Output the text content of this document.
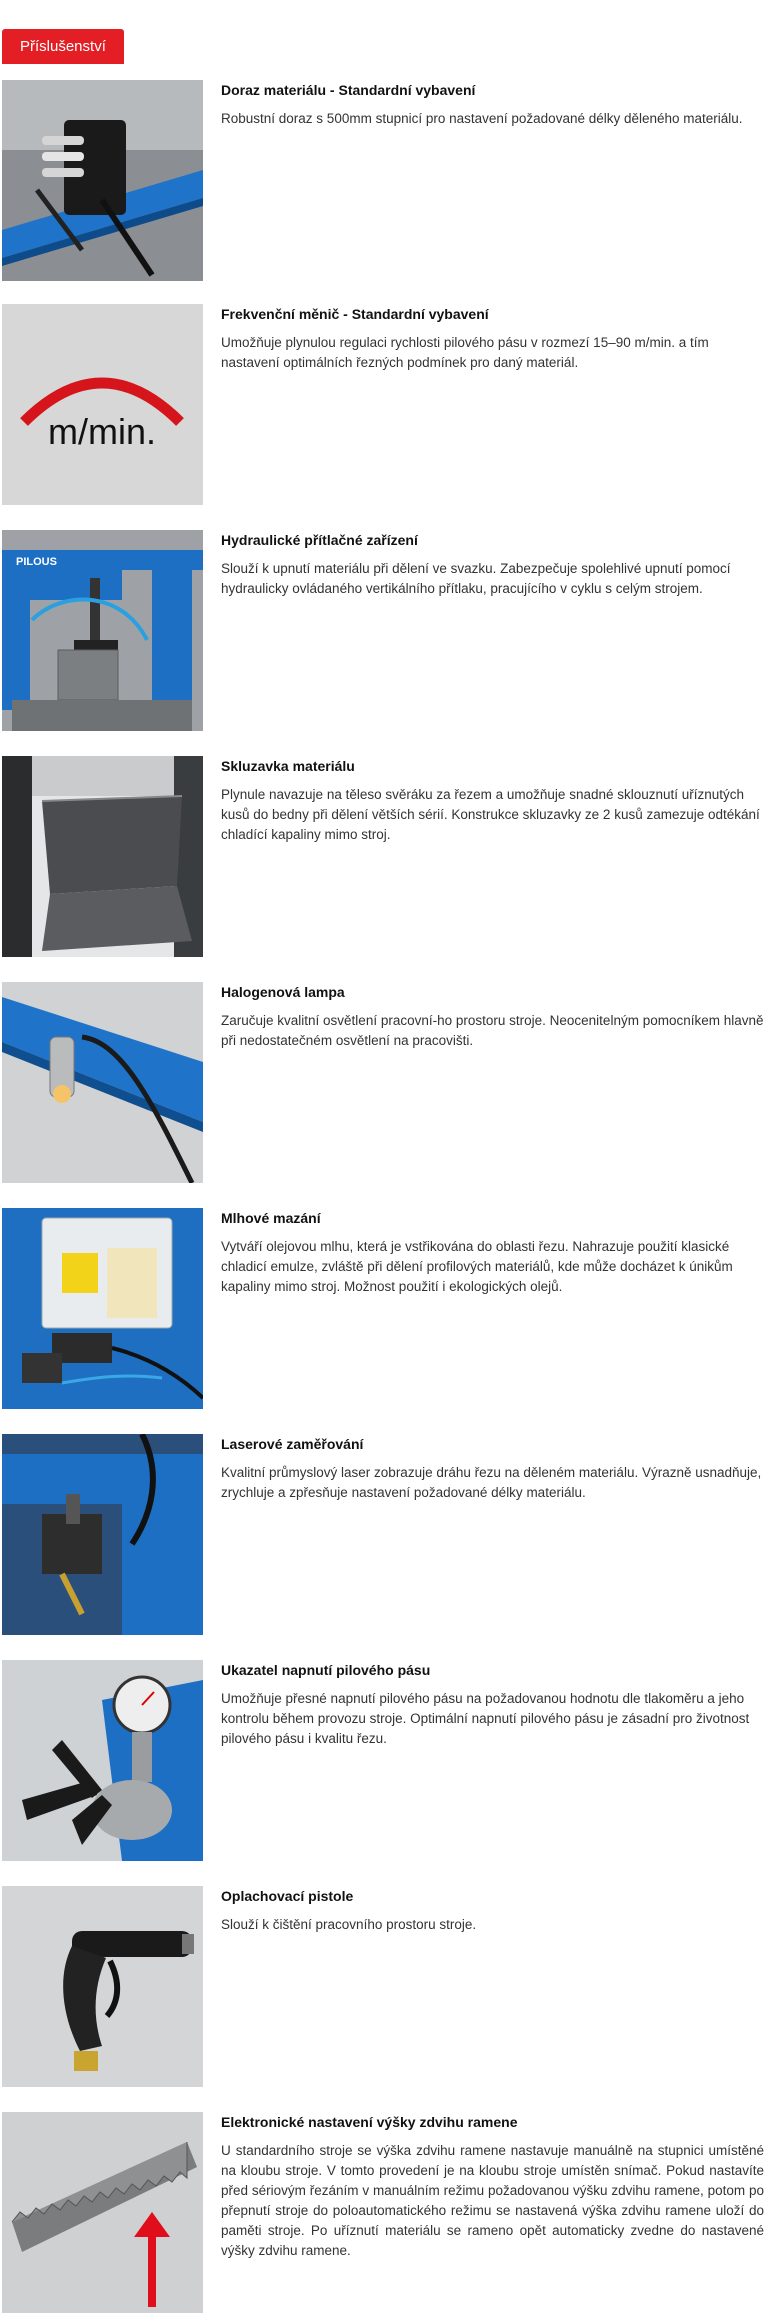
Příslušenství
Doraz materiálu - Standardní vybavení

Robustní doraz s 500mm stupnicí pro nastavení požadované délky děleného materiálu.

m/min.
Frekvenční měnič - Standardní vybavení

Umožňuje plynulou regulaci rychlosti pilového pásu v rozmezí 15–90 m/min. a tím nastavení optimálních řezných podmínek pro daný materiál.

PILOUS
Hydraulické přítlačné zařízení

Slouží k upnutí materiálu při dělení ve svazku. Zabezpečuje spolehlivé upnutí pomocí hydraulicky ovládaného vertikálního přítlaku, pracujícího v cyklu s celým strojem.

Skluzavka materiálu

Plynule navazuje na těleso svěráku za řezem a umožňuje snadné sklouznutí uříznutých kusů do bedny při dělení větších sérií. Konstrukce skluzavky ze 2 kusů zamezuje odtékání chladící kapaliny mimo stroj.

Halogenová lampa

Zaručuje kvalitní osvětlení pracovní-ho prostoru stroje. Neocenitelným pomocníkem hlavně při nedostatečném osvětlení na pracovišti.

Mlhové mazání

Vytváří olejovou mlhu, která je vstřikována do oblasti řezu. Nahrazuje použití klasické chladicí emulze, zvláště při dělení profilových materiálů, kde může docházet k únikům kapaliny mimo stroj. Možnost použití i ekologických olejů.

Laserové zaměřování

Kvalitní průmyslový laser zobrazuje dráhu řezu na děleném materiálu. Výrazně usnadňuje, zrychluje a zpřesňuje nastavení požadované délky materiálu.

Ukazatel napnutí pilového pásu

Umožňuje přesné napnutí pilového pásu na požadovanou hodnotu dle tlakoměru a jeho kontrolu během provozu stroje. Optimální napnutí pilového pásu je zásadní pro životnost pilového pásu i kvalitu řezu.

Oplachovací pistole

Slouží k čištění pracovního prostoru stroje.

Elektronické nastavení výšky zdvihu ramene

U standardního stroje se výška zdvihu ramene nastavuje manuálně na stupnici umístěné na kloubu stroje. V tomto provedení je na kloubu stroje umístěn snímač. Pokud nastavíte před sériovým řezáním v manuálním režimu požadovanou výšku zdvihu ramene, potom po přepnutí stroje do poloautomatického režimu se nastavená výška zdvihu ramene uloží do paměti stroje. Po uříznutí materiálu se rameno opět automaticky zvedne do nastavené výšky zdvihu ramene.
